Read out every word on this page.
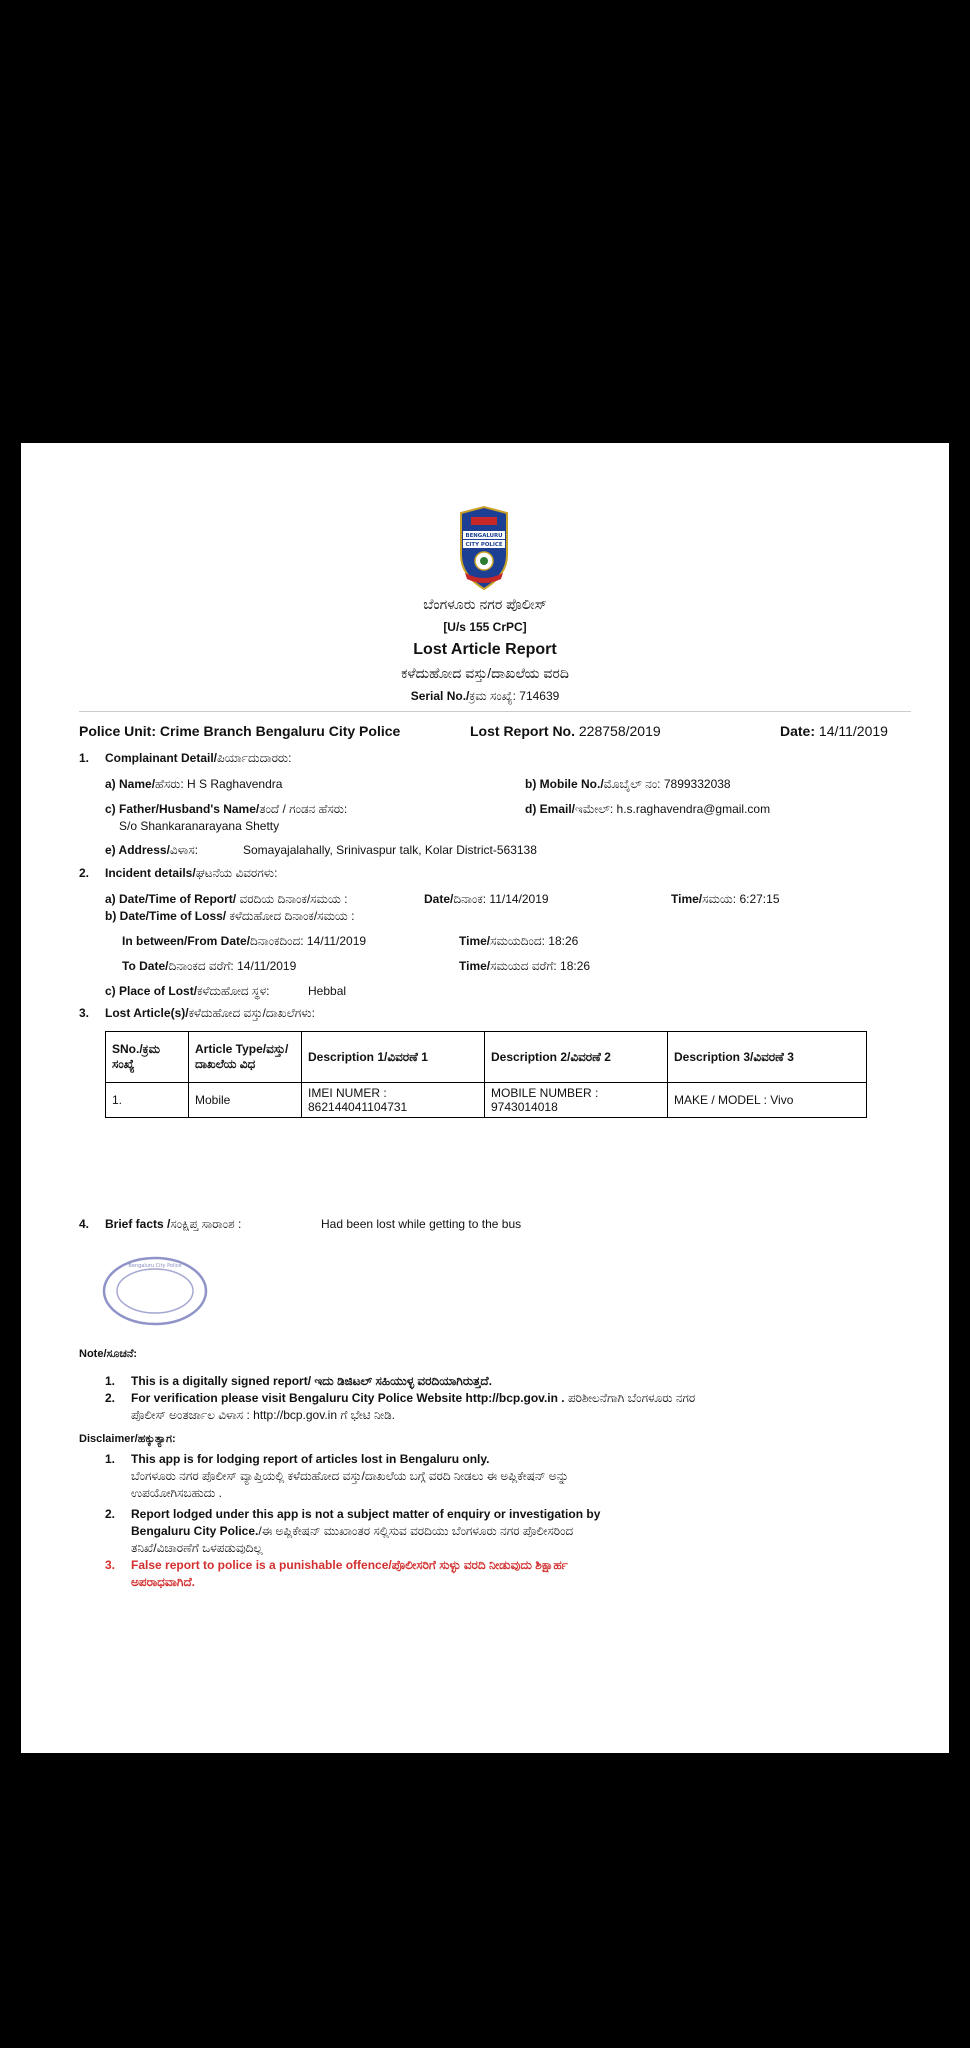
BENGALURU
CITY POLICE
ಬೆಂಗಳೂರು ನಗರ ಪೊಲೀಸ್
[U/s 155 CrPC]
Lost Article Report
ಕಳೆದುಹೋದ ವಸ್ತು/ದಾಖಲೆಯ ವರದಿ
Serial No./ಕ್ರಮ ಸಂಖ್ಯೆ: 714639
Police Unit: Crime Branch Bengaluru City Police	Lost Report No. 228758/2019	Date: 14/11/2019
1. Complainant Detail/ಪಿರ್ಯಾದುದಾರರು:
a) Name/ಹೆಸರು: H S Raghavendra	b) Mobile No./ಮೊಬೈಲ್ ನಂ: 7899332038
c) Father/Husband's Name/ತಂದೆ / ಗಂಡನ ಹೆಸರು:	d) Email/ಇಮೇಲ್: h.s.raghavendra@gmail.com
S/o Shankaranarayana Shetty
e) Address/ವಿಳಾಸ:	Somayajalahally, Srinivaspur talk, Kolar District-563138
2. Incident details/ಘಟನೆಯ ವಿವರಗಳು:
a) Date/Time of Report/ ವರದಿಯ ದಿನಾಂಕ/ಸಮಯ :	Date/ದಿನಾಂಕ: 11/14/2019	Time/ಸಮಯ: 6:27:15
b) Date/Time of Loss/ ಕಳೆದುಹೋದ ದಿನಾಂಕ/ಸಮಯ :
In between/From Date/ದಿನಾಂಕದಿಂದ: 14/11/2019	Time/ಸಮಯದಿಂದ: 18:26
To Date/ದಿನಾಂಕದ ವರೆಗೆ: 14/11/2019	Time/ಸಮಯದ ವರೆಗೆ: 18:26
c) Place of Lost/ಕಳೆದುಹೋದ ಸ್ಥಳ:	Hebbal
3. Lost Article(s)/ಕಳೆದುಹೋದ ವಸ್ತು/ದಾಖಲೆಗಳು:
SNo./ಕ್ರಮ ಸಂಖ್ಯೆ	Article Type/ವಸ್ತು/ದಾಖಲೆಯ ವಿಧ	Description 1/ವಿವರಣೆ 1	Description 2/ವಿವರಣೆ 2	Description 3/ವಿವರಣೆ 3
1.	Mobile	IMEI NUMER : 862144041104731	MOBILE NUMBER : 9743014018	MAKE / MODEL : Vivo
4. Brief facts /ಸಂಕ್ಷಿಪ್ತ ಸಾರಾಂಶ :	Had been lost while getting to the bus
Bengaluru City Police
Note/ಸೂಚನೆ:
1. This is a digitally signed report/ ಇದು ಡಿಜಿಟಲ್ ಸಹಿಯುಳ್ಳ ವರದಿಯಾಗಿರುತ್ತದೆ.
2. For verification please visit Bengaluru City Police Website http://bcp.gov.in . ಪರಿಶೀಲನೆಗಾಗಿ ಬೆಂಗಳೂರು ನಗರ
ಪೊಲೀಸ್ ಅಂತರ್ಜಾಲ ವಿಳಾಸ : http://bcp.gov.in ಗೆ ಭೇಟಿ ನೀಡಿ.
Disclaimer/ಹಕ್ಕುತ್ಯಾಗ:
1. This app is for lodging report of articles lost in Bengaluru only.
ಬೆಂಗಳೂರು ನಗರ ಪೊಲೀಸ್ ವ್ಯಾಪ್ತಿಯಲ್ಲಿ ಕಳೆದುಹೋದ ವಸ್ತು/ದಾಖಲೆಯ ಬಗ್ಗೆ ವರದಿ ನೀಡಲು ಈ ಅಪ್ಲಿಕೇಷನ್ ಅನ್ನು
ಉಪಯೋಗಿಸಬಹುದು .
2. Report lodged under this app is not a subject matter of enquiry or investigation by
Bengaluru City Police./ಈ ಅಪ್ಲಿಕೇಷನ್ ಮುಖಾಂತರ ಸಲ್ಲಿಸುವ ವರದಿಯು ಬೆಂಗಳೂರು ನಗರ ಪೊಲೀಸರಿಂದ
ತನಿಖೆ/ವಿಚಾರಣೆಗೆ ಒಳಪಡುವುದಿಲ್ಲ
3. False report to police is a punishable offence/ಪೊಲೀಸರಿಗೆ ಸುಳ್ಳು ವರದಿ ನೀಡುವುದು ಶಿಕ್ಷಾರ್ಹ
ಅಪರಾಧವಾಗಿದೆ.
